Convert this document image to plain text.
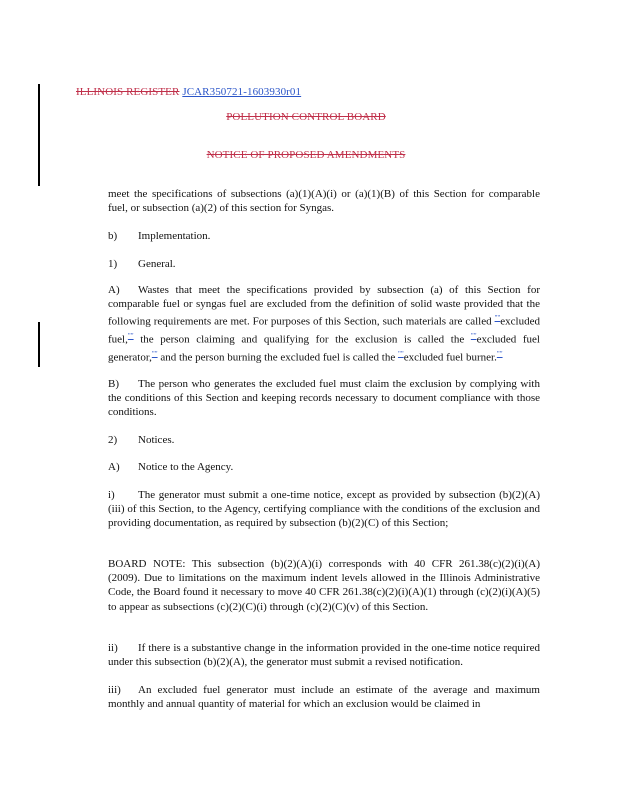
ILLINOIS REGISTER JCAR350721-1603930r01
POLLUTION CONTROL BOARD
NOTICE OF PROPOSED AMENDMENTS
meet the specifications of subsections (a)(1)(A)(i) or (a)(1)(B) of this Section for comparable fuel, or subsection (a)(2) of this section for Syngas.
b) Implementation.
1) General.
A) Wastes that meet the specifications provided by subsection (a) of this Section for comparable fuel or syngas fuel are excluded from the definition of solid waste provided that the following requirements are met. For purposes of this Section, such materials are called ""excluded fuel,"" the person claiming and qualifying for the exclusion is called the ""excluded fuel generator,"" and the person burning the excluded fuel is called the ""excluded fuel burner.""
B) The person who generates the excluded fuel must claim the exclusion by complying with the conditions of this Section and keeping records necessary to document compliance with those conditions.
2) Notices.
A) Notice to the Agency.
i) The generator must submit a one-time notice, except as provided by subsection (b)(2)(A)(iii) of this Section, to the Agency, certifying compliance with the conditions of the exclusion and providing documentation, as required by subsection (b)(2)(C) of this Section;
BOARD NOTE: This subsection (b)(2)(A)(i) corresponds with 40 CFR 261.38(c)(2)(i)(A) (2009). Due to limitations on the maximum indent levels allowed in the Illinois Administrative Code, the Board found it necessary to move 40 CFR 261.38(c)(2)(i)(A)(1) through (c)(2)(i)(A)(5) to appear as subsections (c)(2)(C)(i) through (c)(2)(C)(v) of this Section.
ii) If there is a substantive change in the information provided in the one-time notice required under this subsection (b)(2)(A), the generator must submit a revised notification.
iii) An excluded fuel generator must include an estimate of the average and maximum monthly and annual quantity of material for which an exclusion would be claimed in
